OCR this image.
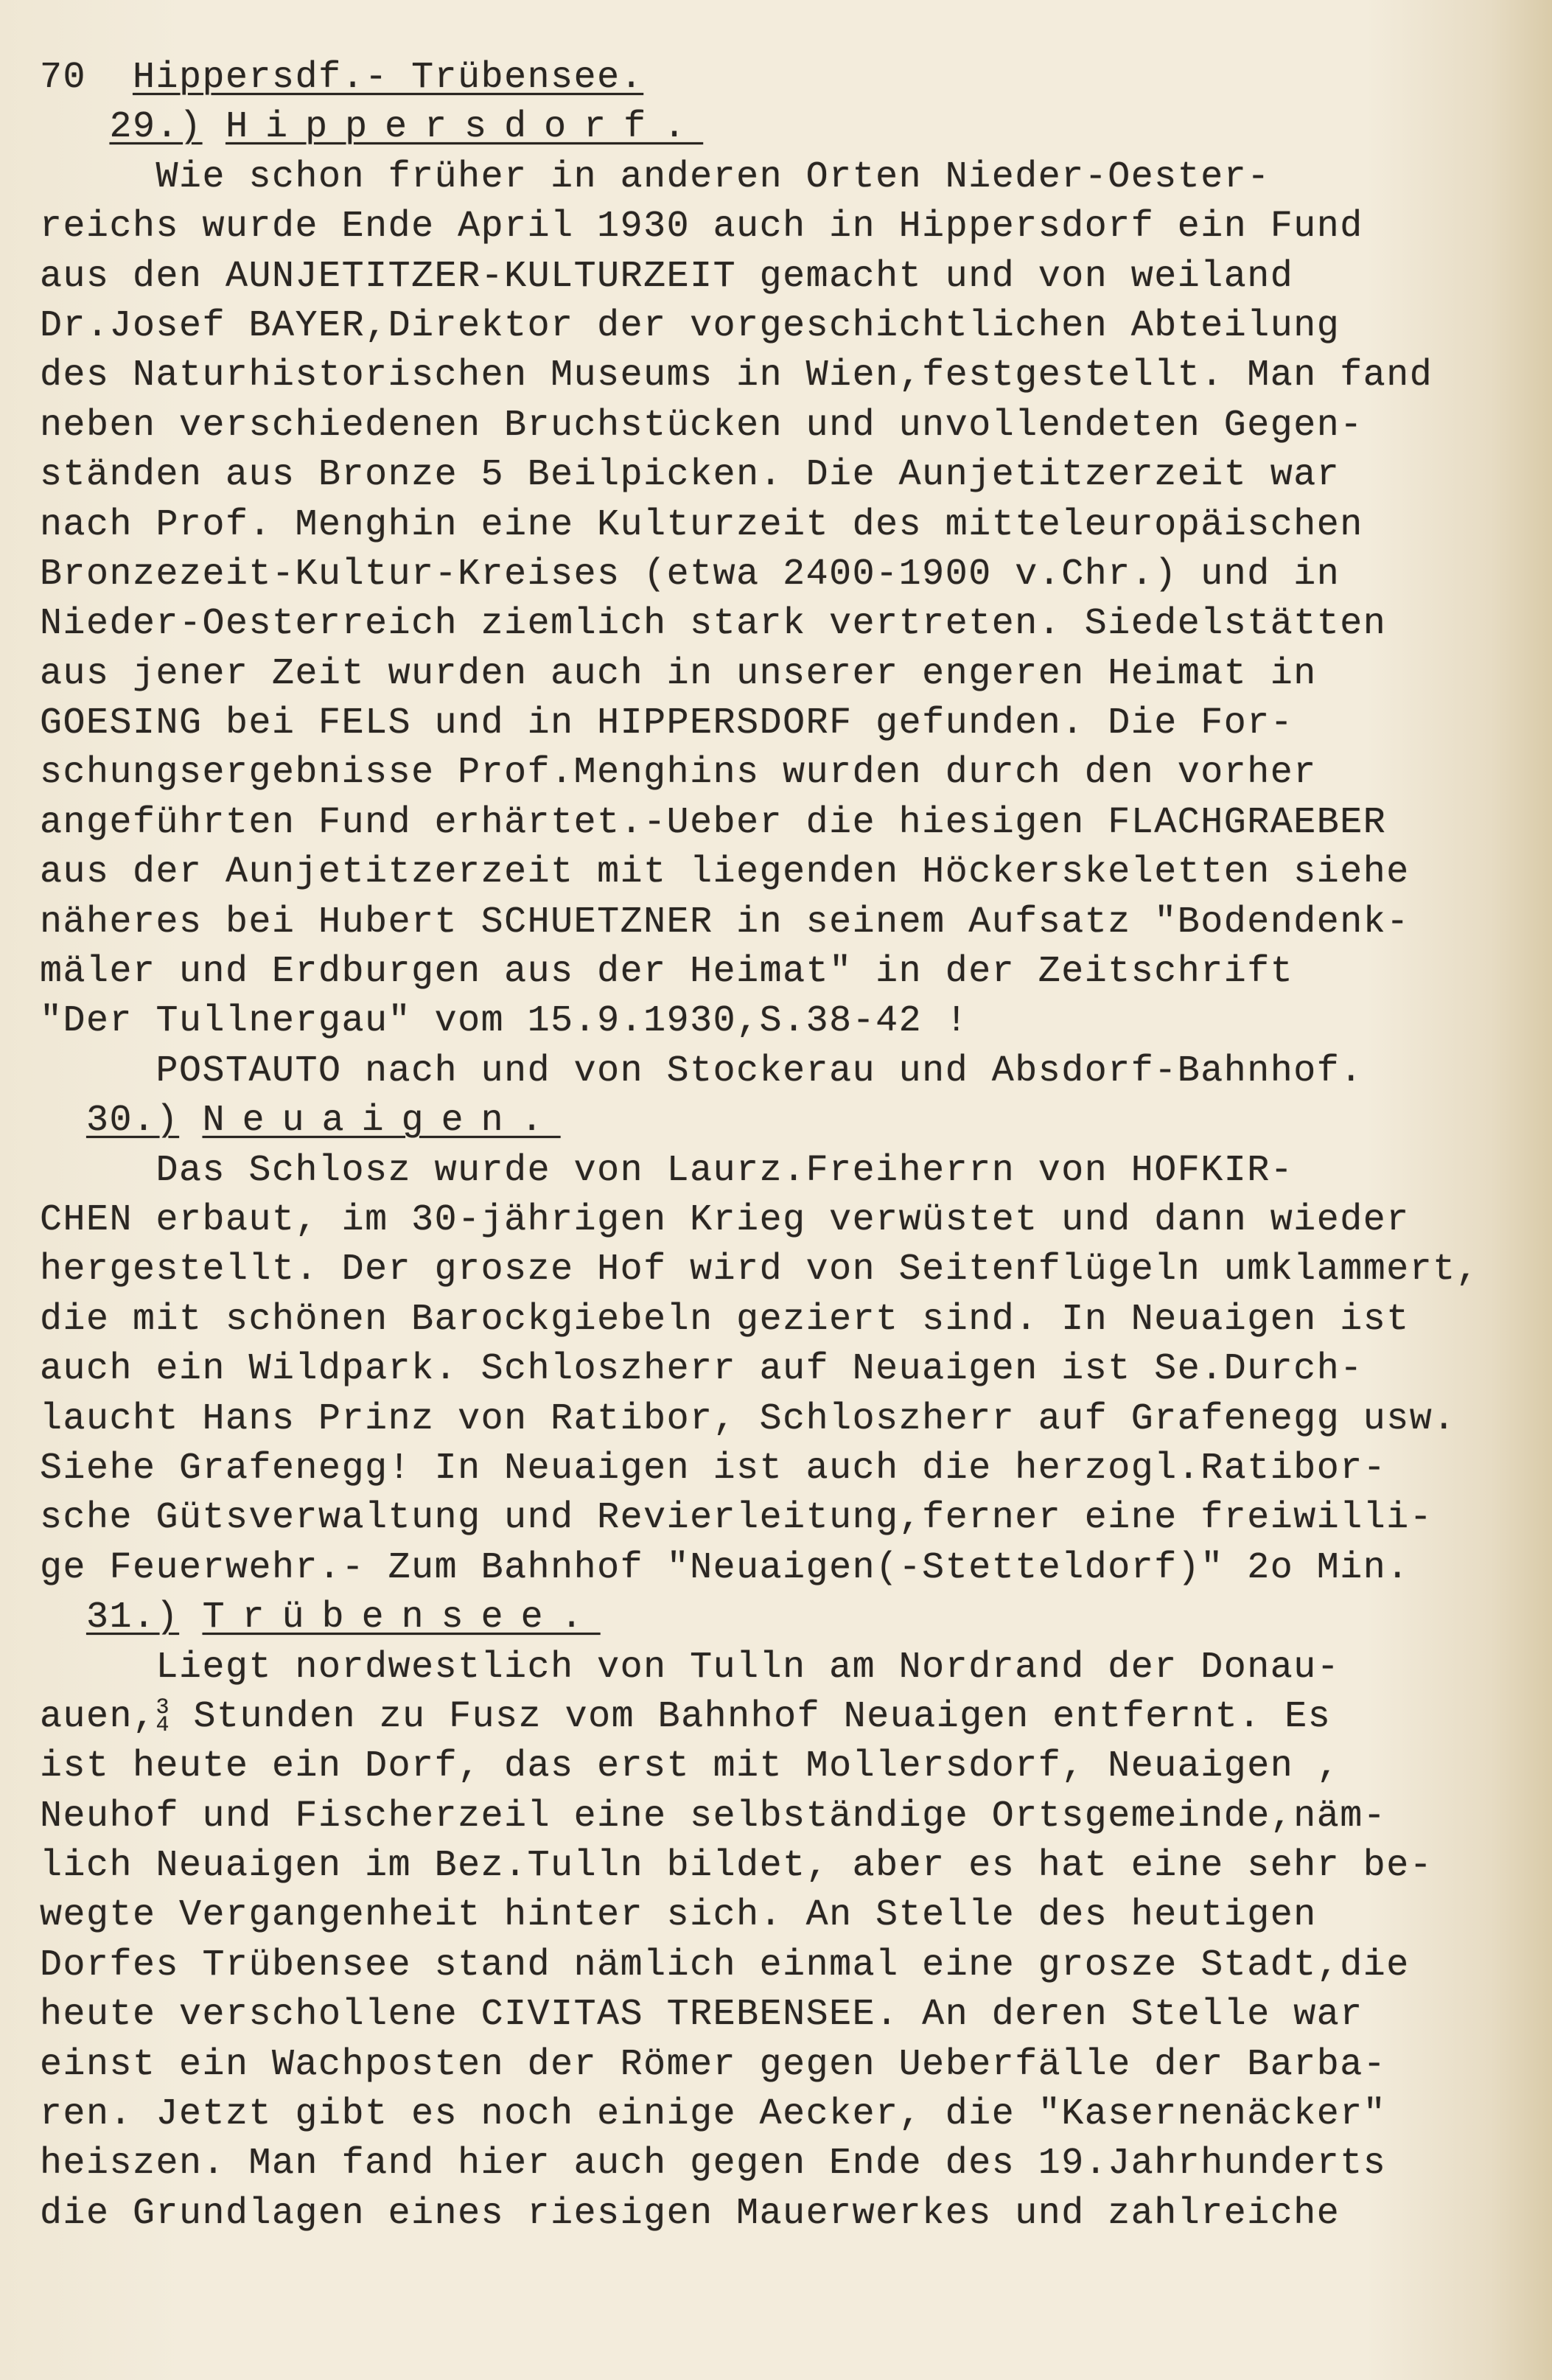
70 Hippersdf.- Trübensee.
29.) Hippersdorf.
Wie schon früher in anderen Orten Nieder-Oester-
reichs wurde Ende April 1930 auch in Hippersdorf ein Fund
aus den AUNJETITZER-KULTURZEIT gemacht und von weiland
Dr.Josef BAYER,Direktor der vorgeschichtlichen Abteilung
des Naturhistorischen Museums in Wien,festgestellt. Man fand
neben verschiedenen Bruchstücken und unvollendeten Gegen-
ständen aus Bronze 5 Beilpicken. Die Aunjetitzerzeit war
nach Prof. Menghin eine Kulturzeit des mitteleuropäischen
Bronzezeit-Kultur-Kreises (etwa 2400-1900 v.Chr.) und in
Nieder-Oesterreich ziemlich stark vertreten. Siedelstätten
aus jener Zeit wurden auch in unserer engeren Heimat in
GOESING bei FELS und in HIPPERSDORF gefunden. Die For-
schungsergebnisse Prof.Menghins wurden durch den vorher
angeführten Fund erhärtet.-Ueber die hiesigen FLACHGRAEBER
aus der Aunjetitzerzeit mit liegenden Höckerskeletten siehe
näheres bei Hubert SCHUETZNER in seinem Aufsatz "Bodendenk-
mäler und Erdburgen aus der Heimat" in der Zeitschrift
"Der Tullnergau" vom 15.9.1930,S.38-42 !
POSTAUTO nach und von Stockerau und Absdorf-Bahnhof.
30.) Neuaigen.
Das Schlosz wurde von Laurz.Freiherrn von HOFKIR-
CHEN erbaut, im 30-jährigen Krieg verwüstet und dann wieder
hergestellt. Der grosze Hof wird von Seitenflügeln umklammert,
die mit schönen Barockgiebeln geziert sind. In Neuaigen ist
auch ein Wildpark. Schloszherr auf Neuaigen ist Se.Durch-
laucht Hans Prinz von Ratibor, Schloszherr auf Grafenegg usw.
Siehe Grafenegg! In Neuaigen ist auch die herzogl.Ratibor-
sche Gütsverwaltung und Revierleitung,ferner eine freiwilli-
ge Feuerwehr.- Zum Bahnhof "Neuaigen(-Stetteldorf)" 2o Min.
31.) Trübensee.
Liegt nordwestlich von Tulln am Nordrand der Donau-
auen,3
4 Stunden zu Fusz vom Bahnhof Neuaigen entfernt. Es
ist heute ein Dorf, das erst mit Mollersdorf, Neuaigen ,
Neuhof und Fischerzeil eine selbständige Ortsgemeinde,näm-
lich Neuaigen im Bez.Tulln bildet, aber es hat eine sehr be-
wegte Vergangenheit hinter sich. An Stelle des heutigen
Dorfes Trübensee stand nämlich einmal eine grosze Stadt,die
heute verschollene CIVITAS TREBENSEE. An deren Stelle war
einst ein Wachposten der Römer gegen Ueberfälle der Barba-
ren. Jetzt gibt es noch einige Aecker, die "Kasernenäcker"
heiszen. Man fand hier auch gegen Ende des 19.Jahrhunderts
die Grundlagen eines riesigen Mauerwerkes und zahlreiche
